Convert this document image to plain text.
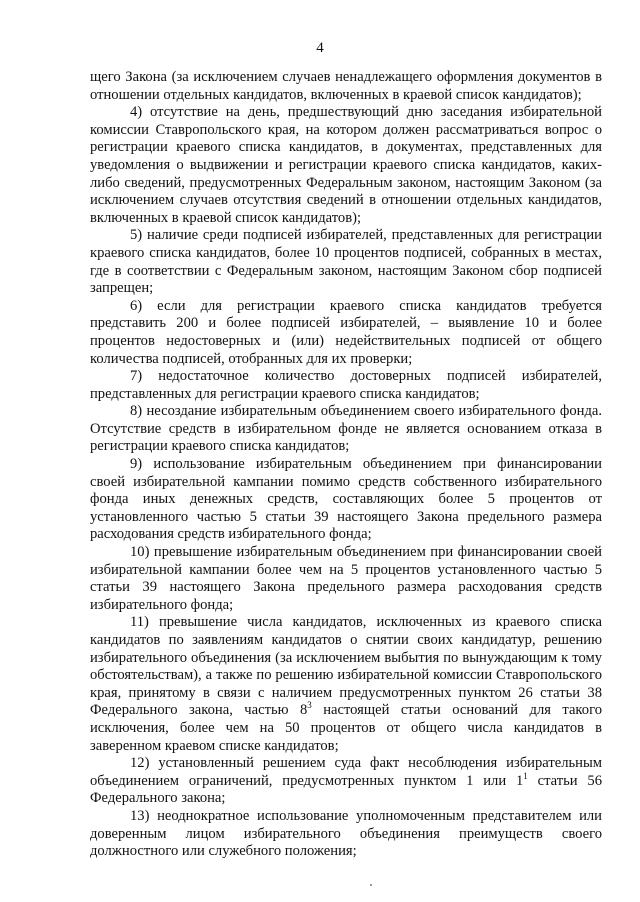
4

щего Закона (за исключением случаев ненадлежащего оформления документов в отношении отдельных кандидатов, включенных в краевой список кандидатов);

4) отсутствие на день, предшествующий дню заседания избирательной комиссии Ставропольского края, на котором должен рассматриваться вопрос о регистрации краевого списка кандидатов, в документах, представленных для уведомления о выдвижении и регистрации краевого списка кандидатов, каких-либо сведений, предусмотренных Федеральным законом, настоящим Законом (за исключением случаев отсутствия сведений в отношении отдельных кандидатов, включенных в краевой список кандидатов);

5) наличие среди подписей избирателей, представленных для регистрации краевого списка кандидатов, более 10 процентов подписей, собранных в местах, где в соответствии с Федеральным законом, настоящим Законом сбор подписей запрещен;

6) если для регистрации краевого списка кандидатов требуется представить 200 и более подписей избирателей, – выявление 10 и более процентов недостоверных и (или) недействительных подписей от общего количества подписей, отобранных для их проверки;

7) недостаточное количество достоверных подписей избирателей, представленных для регистрации краевого списка кандидатов;

8) несоздание избирательным объединением своего избирательного фонда. Отсутствие средств в избирательном фонде не является основанием отказа в регистрации краевого списка кандидатов;

9) использование избирательным объединением при финансировании своей избирательной кампании помимо средств собственного избирательного фонда иных денежных средств, составляющих более 5 процентов от установленного частью 5 статьи 39 настоящего Закона предельного размера расходования средств избирательного фонда;

10) превышение избирательным объединением при финансировании своей избирательной кампании более чем на 5 процентов установленного частью 5 статьи 39 настоящего Закона предельного размера расходования средств избирательного фонда;

11) превышение числа кандидатов, исключенных из краевого списка кандидатов по заявлениям кандидатов о снятии своих кандидатур, решению избирательного объединения (за исключением выбытия по вынуждающим к тому обстоятельствам), а также по решению избирательной комиссии Ставропольского края, принятому в связи с наличием предусмотренных пунктом 26 статьи 38 Федерального закона, частью $8^3$ настоящей статьи оснований для такого исключения, более чем на 50 процентов от общего числа кандидатов в заверенном краевом списке кандидатов;

12) установленный решением суда факт несоблюдения избирательным объединением ограничений, предусмотренных пунктом 1 или $1^1$ статьи 56 Федерального закона;

13) неоднократное использование уполномоченным представителем или доверенным лицом избирательного объединения преимуществ своего должностного или служебного положения;
